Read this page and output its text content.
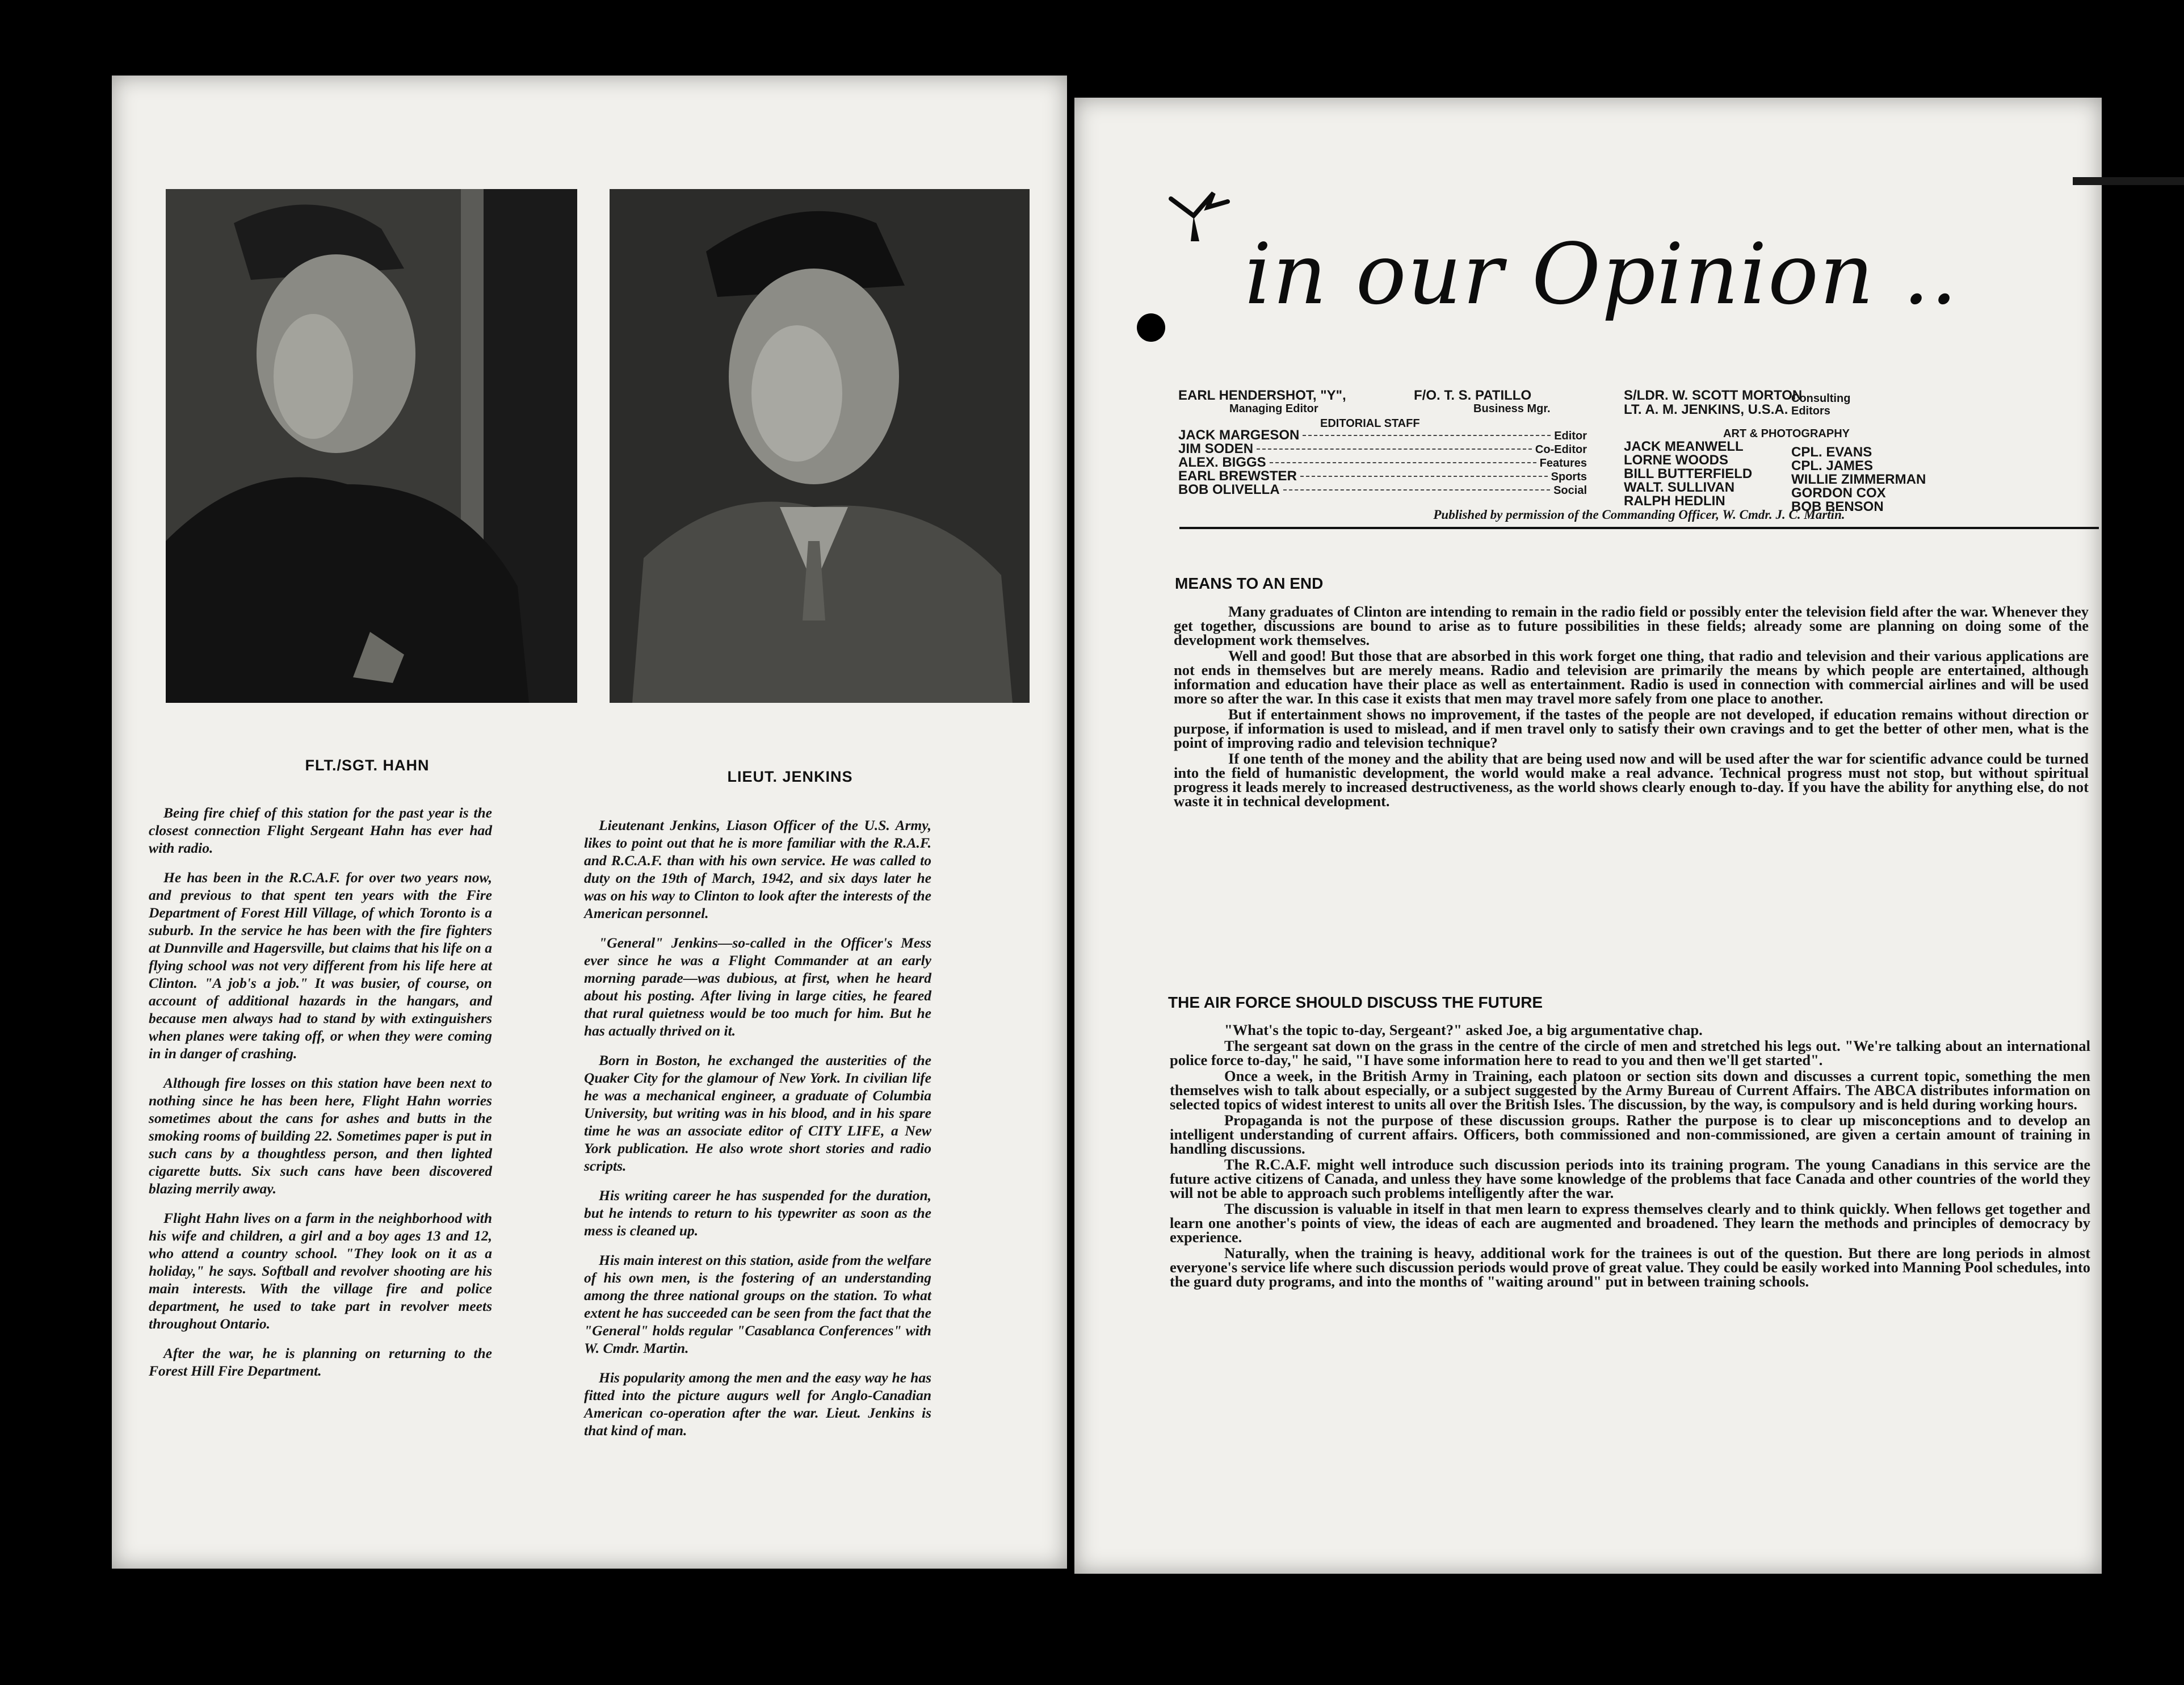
FLT./SGT. HAHN
LIEUT. JENKINS

Being fire chief of this station for the past year is the closest connection Flight Sergeant Hahn has ever had with radio.

He has been in the R.C.A.F. for over two years now, and previous to that spent ten years with the Fire Department of Forest Hill Village, of which Toronto is a suburb. In the service he has been with the fire fighters at Dunnville and Hagersville, but claims that his life on a flying school was not very different from his life here at Clinton. "A job's a job." It was busier, of course, on account of additional hazards in the hangars, and because men always had to stand by with extinguishers when planes were taking off, or when they were coming in in danger of crashing.

Although fire losses on this station have been next to nothing since he has been here, Flight Hahn worries sometimes about the cans for ashes and butts in the smoking rooms of building 22. Sometimes paper is put in such cans by a thoughtless person, and then lighted cigarette butts. Six such cans have been discovered blazing merrily away.

Flight Hahn lives on a farm in the neighborhood with his wife and children, a girl and a boy ages 13 and 12, who attend a country school. "They look on it as a holiday," he says. Softball and revolver shooting are his main interests. With the village fire and police department, he used to take part in revolver meets throughout Ontario.

After the war, he is planning on returning to the Forest Hill Fire Department.

Lieutenant Jenkins, Liason Officer of the U.S. Army, likes to point out that he is more familiar with the R.A.F. and R.C.A.F. than with his own service. He was called to duty on the 19th of March, 1942, and six days later he was on his way to Clinton to look after the interests of the American personnel.

"General" Jenkins—so-called in the Officer's Mess ever since he was a Flight Commander at an early morning parade—was dubious, at first, when he heard about his posting. After living in large cities, he feared that rural quietness would be too much for him. But he has actually thrived on it.

Born in Boston, he exchanged the austerities of the Quaker City for the glamour of New York. In civilian life he was a mechanical engineer, a graduate of Columbia University, but writing was in his blood, and in his spare time he was an associate editor of CITY LIFE, a New York publication. He also wrote short stories and radio scripts.

His writing career he has suspended for the duration, but he intends to return to his typewriter as soon as the mess is cleaned up.

His main interest on this station, aside from the welfare of his own men, is the fostering of an understanding among the three national groups on the station. To what extent he has succeeded can be seen from the fact that the "General" holds regular "Casablanca Conferences" with W. Cmdr. Martin.

His popularity among the men and the easy way he has fitted into the picture augurs well for Anglo-Canadian American co-operation after the war. Lieut. Jenkins is that kind of man.

in our Opinion ..
EARL HENDERSHOT, "Y",
Managing Editor
F/O. T. S. PATILLO
Business Mgr.
S/LDR. W. SCOTT MORTON
LT. A. M. JENKINS, U.S.A.
Consulting
Editors
EDITORIAL STAFF
ART & PHOTOGRAPHY
JACK MARGESON	Editor
JIM SODEN	Co-Editor
ALEX. BIGGS	Features
EARL BREWSTER	Sports
BOB OLIVELLA	Social
JACK MEANWELL
LORNE WOODS
BILL BUTTERFIELD
WALT. SULLIVAN
RALPH HEDLIN
CPL. EVANS
CPL. JAMES
WILLIE ZIMMERMAN
GORDON COX
BOB BENSON
Published by permission of the Commanding Officer, W. Cmdr. J. C. Martin.
MEANS TO AN END

Many graduates of Clinton are intending to remain in the radio field or possibly enter the television field after the war. Whenever they get together, discussions are bound to arise as to future possibilities in these fields; already some are planning on doing some of the development work themselves.

Well and good! But those that are absorbed in this work forget one thing, that radio and television and their various applications are not ends in themselves but are merely means. Radio and television are primarily the means by which people are entertained, although information and education have their place as well as entertainment. Radio is used in connection with commercial airlines and will be used more so after the war. In this case it exists that men may travel more safely from one place to another.

But if entertainment shows no improvement, if the tastes of the people are not developed, if education remains without direction or purpose, if information is used to mislead, and if men travel only to satisfy their own cravings and to get the better of other men, what is the point of improving radio and television technique?

If one tenth of the money and the ability that are being used now and will be used after the war for scientific advance could be turned into the field of humanistic development, the world would make a real advance. Technical progress must not stop, but without spiritual progress it leads merely to increased destructiveness, as the world shows clearly enough to-day. If you have the ability for anything else, do not waste it in technical development.

THE AIR FORCE SHOULD DISCUSS THE FUTURE

"What's the topic to-day, Sergeant?" asked Joe, a big argumentative chap.

The sergeant sat down on the grass in the centre of the circle of men and stretched his legs out. "We're talking about an international police force to-day," he said, "I have some information here to read to you and then we'll get started".

Once a week, in the British Army in Training, each platoon or section sits down and discusses a current topic, something the men themselves wish to talk about especially, or a subject suggested by the Army Bureau of Current Affairs. The ABCA distributes information on selected topics of widest interest to units all over the British Isles. The discussion, by the way, is compulsory and is held during working hours.

Propaganda is not the purpose of these discussion groups. Rather the purpose is to clear up misconceptions and to develop an intelligent understanding of current affairs. Officers, both commissioned and non-commissioned, are given a certain amount of training in handling discussions.

The R.C.A.F. might well introduce such discussion periods into its training program. The young Canadians in this service are the future active citizens of Canada, and unless they have some knowledge of the problems that face Canada and other countries of the world they will not be able to approach such problems intelligently after the war.

The discussion is valuable in itself in that men learn to express themselves clearly and to think quickly. When fellows get together and learn one another's points of view, the ideas of each are augmented and broadened. They learn the methods and principles of democracy by experience.

Naturally, when the training is heavy, additional work for the trainees is out of the question. But there are long periods in almost everyone's service life where such discussion periods would prove of great value. They could be easily worked into Manning Pool schedules, into the guard duty programs, and into the months of "waiting around" put in between training schools.
